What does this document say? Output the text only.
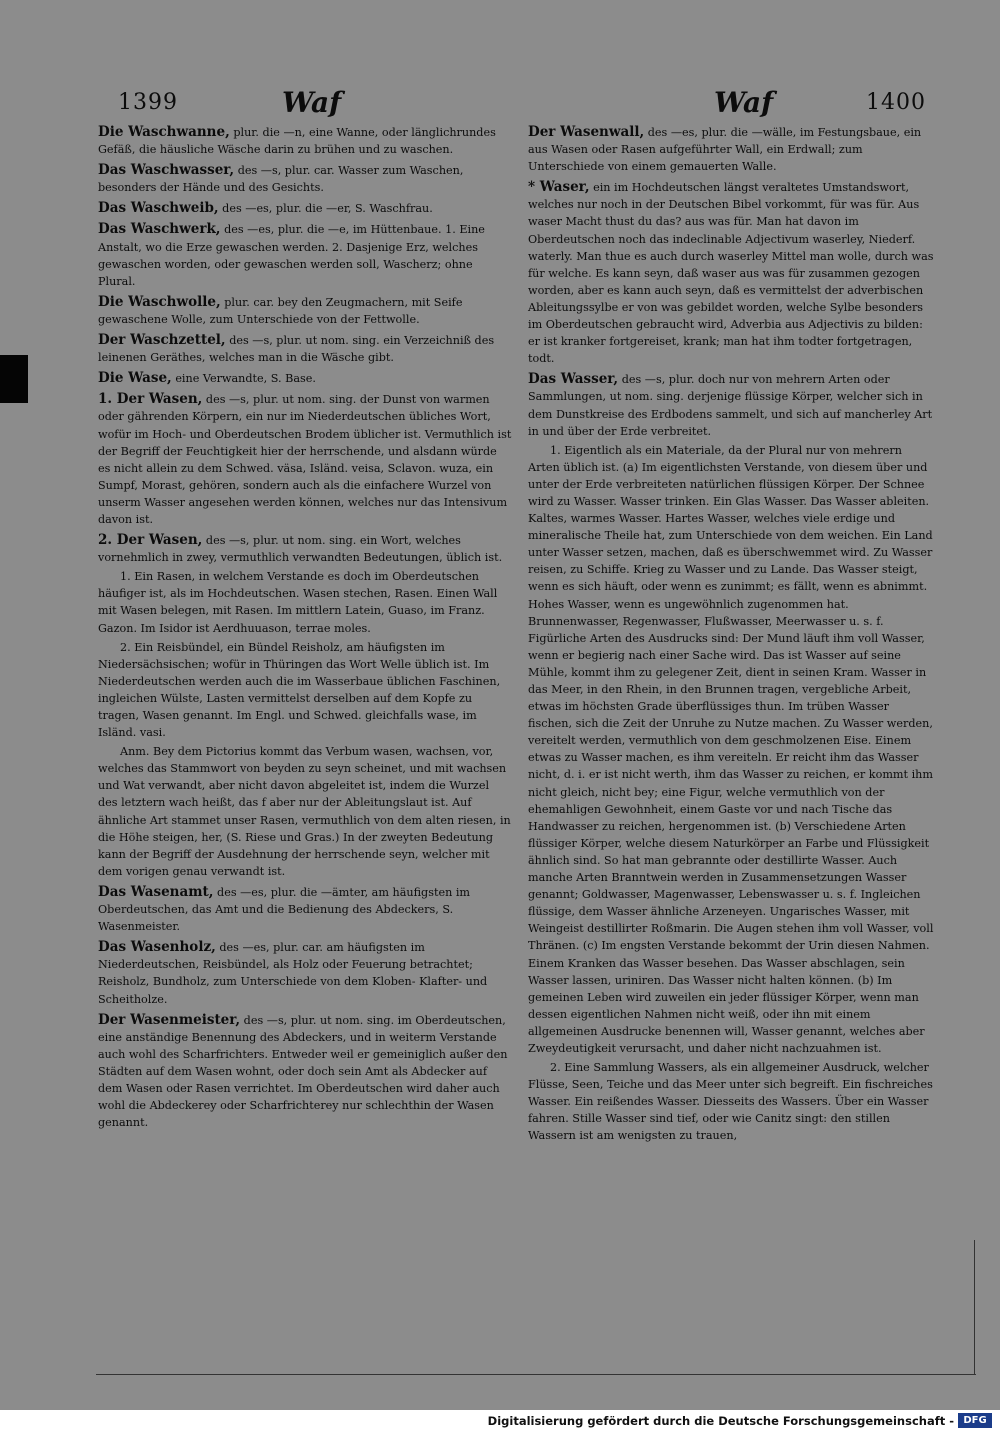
1399	Waf	Waf	1400

Die Waschwanne, plur. die —n, eine Wanne, oder länglichrundes Gefäß, die häusliche Wäsche darin zu brühen und zu waschen.

Das Waschwasser, des —s, plur. car. Wasser zum Waschen, besonders der Hände und des Gesichts.

Das Waschweib, des —es, plur. die —er, S. Waschfrau.

Das Waschwerk, des —es, plur. die —e, im Hüttenbaue. 1. Eine Anstalt, wo die Erze gewaschen werden. 2. Dasjenige Erz, welches gewaschen worden, oder gewaschen werden soll, Wascherz; ohne Plural.

Die Waschwolle, plur. car. bey den Zeugmachern, mit Seife gewaschene Wolle, zum Unterschiede von der Fettwolle.

Der Waschzettel, des —s, plur. ut nom. sing. ein Verzeichniß des leinenen Geräthes, welches man in die Wäsche gibt.

Die Wase, eine Verwandte, S. Base.

1. Der Wasen, des —s, plur. ut nom. sing. der Dunst von warmen oder gährenden Körpern, ein nur im Niederdeutschen übliches Wort, wofür im Hoch- und Oberdeutschen Brodem üblicher ist. Vermuthlich ist der Begriff der Feuchtigkeit hier der herrschende, und alsdann würde es nicht allein zu dem Schwed. väsa, Isländ. veisa, Sclavon. wuza, ein Sumpf, Morast, gehören, sondern auch als die einfachere Wurzel von unserm Wasser angesehen werden können, welches nur das Intensivum davon ist.

2. Der Wasen, des —s, plur. ut nom. sing. ein Wort, welches vornehmlich in zwey, vermuthlich verwandten Bedeutungen, üblich ist.

1. Ein Rasen, in welchem Verstande es doch im Oberdeutschen häufiger ist, als im Hochdeutschen. Wasen stechen, Rasen. Einen Wall mit Wasen belegen, mit Rasen. Im mittlern Latein, Guaso, im Franz. Gazon. Im Isidor ist Aerdhuuason, terrae moles.

2. Ein Reisbündel, ein Bündel Reisholz, am häufigsten im Niedersächsischen; wofür in Thüringen das Wort Welle üblich ist. Im Niederdeutschen werden auch die im Wasserbaue üblichen Faschinen, ingleichen Wülste, Lasten vermittelst derselben auf dem Kopfe zu tragen, Wasen genannt. Im Engl. und Schwed. gleichfalls wase, im Isländ. vasi.

Anm. Bey dem Pictorius kommt das Verbum wasen, wachsen, vor, welches das Stammwort von beyden zu seyn scheinet, und mit wachsen und Wat verwandt, aber nicht davon abgeleitet ist, indem die Wurzel des letztern wach heißt, das f aber nur der Ableitungslaut ist. Auf ähnliche Art stammet unser Rasen, vermuthlich von dem alten riesen, in die Höhe steigen, her, (S. Riese und Gras.) In der zweyten Bedeutung kann der Begriff der Ausdehnung der herrschende seyn, welcher mit dem vorigen genau verwandt ist.

Das Wasenamt, des —es, plur. die —ämter, am häufigsten im Oberdeutschen, das Amt und die Bedienung des Abdeckers, S. Wasenmeister.

Das Wasenholz, des —es, plur. car. am häufigsten im Niederdeutschen, Reisbündel, als Holz oder Feuerung betrachtet; Reisholz, Bundholz, zum Unterschiede von dem Kloben- Klafter- und Scheitholze.

Der Wasenmeister, des —s, plur. ut nom. sing. im Oberdeutschen, eine anständige Benennung des Abdeckers, und in weiterm Verstande auch wohl des Scharfrichters. Entweder weil er gemeiniglich außer den Städten auf dem Wasen wohnt, oder doch sein Amt als Abdecker auf dem Wasen oder Rasen verrichtet. Im Oberdeutschen wird daher auch wohl die Abdeckerey oder Scharfrichterey nur schlechthin der Wasen genannt.

Der Wasenwall, des —es, plur. die —wälle, im Festungsbaue, ein aus Wasen oder Rasen aufgeführter Wall, ein Erdwall; zum Unterschiede von einem gemauerten Walle.

* Waser, ein im Hochdeutschen längst veraltetes Umstandswort, welches nur noch in der Deutschen Bibel vorkommt, für was für. Aus waser Macht thust du das? aus was für. Man hat davon im Oberdeutschen noch das indeclinable Adjectivum waserley, Niederf. waterly. Man thue es auch durch waserley Mittel man wolle, durch was für welche. Es kann seyn, daß waser aus was für zusammen gezogen worden, aber es kann auch seyn, daß es vermittelst der adverbischen Ableitungssylbe er von was gebildet worden, welche Sylbe besonders im Oberdeutschen gebraucht wird, Adverbia aus Adjectivis zu bilden: er ist kranker fortgereiset, krank; man hat ihm todter fortgetragen, todt.

Das Wasser, des —s, plur. doch nur von mehrern Arten oder Sammlungen, ut nom. sing. derjenige flüssige Körper, welcher sich in dem Dunstkreise des Erdbodens sammelt, und sich auf mancherley Art in und über der Erde verbreitet.

1. Eigentlich als ein Materiale, da der Plural nur von mehrern Arten üblich ist. (a) Im eigentlichsten Verstande, von diesem über und unter der Erde verbreiteten natürlichen flüssigen Körper. Der Schnee wird zu Wasser. Wasser trinken. Ein Glas Wasser. Das Wasser ableiten. Kaltes, warmes Wasser. Hartes Wasser, welches viele erdige und mineralische Theile hat, zum Unterschiede von dem weichen. Ein Land unter Wasser setzen, machen, daß es überschwemmet wird. Zu Wasser reisen, zu Schiffe. Krieg zu Wasser und zu Lande. Das Wasser steigt, wenn es sich häuft, oder wenn es zunimmt; es fällt, wenn es abnimmt. Hohes Wasser, wenn es ungewöhnlich zugenommen hat. Brunnenwasser, Regenwasser, Flußwasser, Meerwasser u. s. f. Figürliche Arten des Ausdrucks sind: Der Mund läuft ihm voll Wasser, wenn er begierig nach einer Sache wird. Das ist Wasser auf seine Mühle, kommt ihm zu gelegener Zeit, dient in seinen Kram. Wasser in das Meer, in den Rhein, in den Brunnen tragen, vergebliche Arbeit, etwas im höchsten Grade überflüssiges thun. Im trüben Wasser fischen, sich die Zeit der Unruhe zu Nutze machen. Zu Wasser werden, vereitelt werden, vermuthlich von dem geschmolzenen Eise. Einem etwas zu Wasser machen, es ihm vereiteln. Er reicht ihm das Wasser nicht, d. i. er ist nicht werth, ihm das Wasser zu reichen, er kommt ihm nicht gleich, nicht bey; eine Figur, welche vermuthlich von der ehemahligen Gewohnheit, einem Gaste vor und nach Tische das Handwasser zu reichen, hergenommen ist. (b) Verschiedene Arten flüssiger Körper, welche diesem Naturkörper an Farbe und Flüssigkeit ähnlich sind. So hat man gebrannte oder destillirte Wasser. Auch manche Arten Branntwein werden in Zusammensetzungen Wasser genannt; Goldwasser, Magenwasser, Lebenswasser u. s. f. Ingleichen flüssige, dem Wasser ähnliche Arzeneyen. Ungarisches Wasser, mit Weingeist destillirter Roßmarin. Die Augen stehen ihm voll Wasser, voll Thränen. (c) Im engsten Verstande bekommt der Urin diesen Nahmen. Einem Kranken das Wasser besehen. Das Wasser abschlagen, sein Wasser lassen, uriniren. Das Wasser nicht halten können. (b) Im gemeinen Leben wird zuweilen ein jeder flüssiger Körper, wenn man dessen eigentlichen Nahmen nicht weiß, oder ihn mit einem allgemeinen Ausdrucke benennen will, Wasser genannt, welches aber Zweydeutigkeit verursacht, und daher nicht nachzuahmen ist.

2. Eine Sammlung Wassers, als ein allgemeiner Ausdruck, welcher Flüsse, Seen, Teiche und das Meer unter sich begreift. Ein fischreiches Wasser. Ein reißendes Wasser. Diesseits des Wassers. Über ein Wasser fahren. Stille Wasser sind tief, oder wie Canitz singt: den stillen Wassern ist am wenigsten zu trauen,

Digitalisierung gefördert durch die Deutsche Forschungsgemeinschaft - DFG
